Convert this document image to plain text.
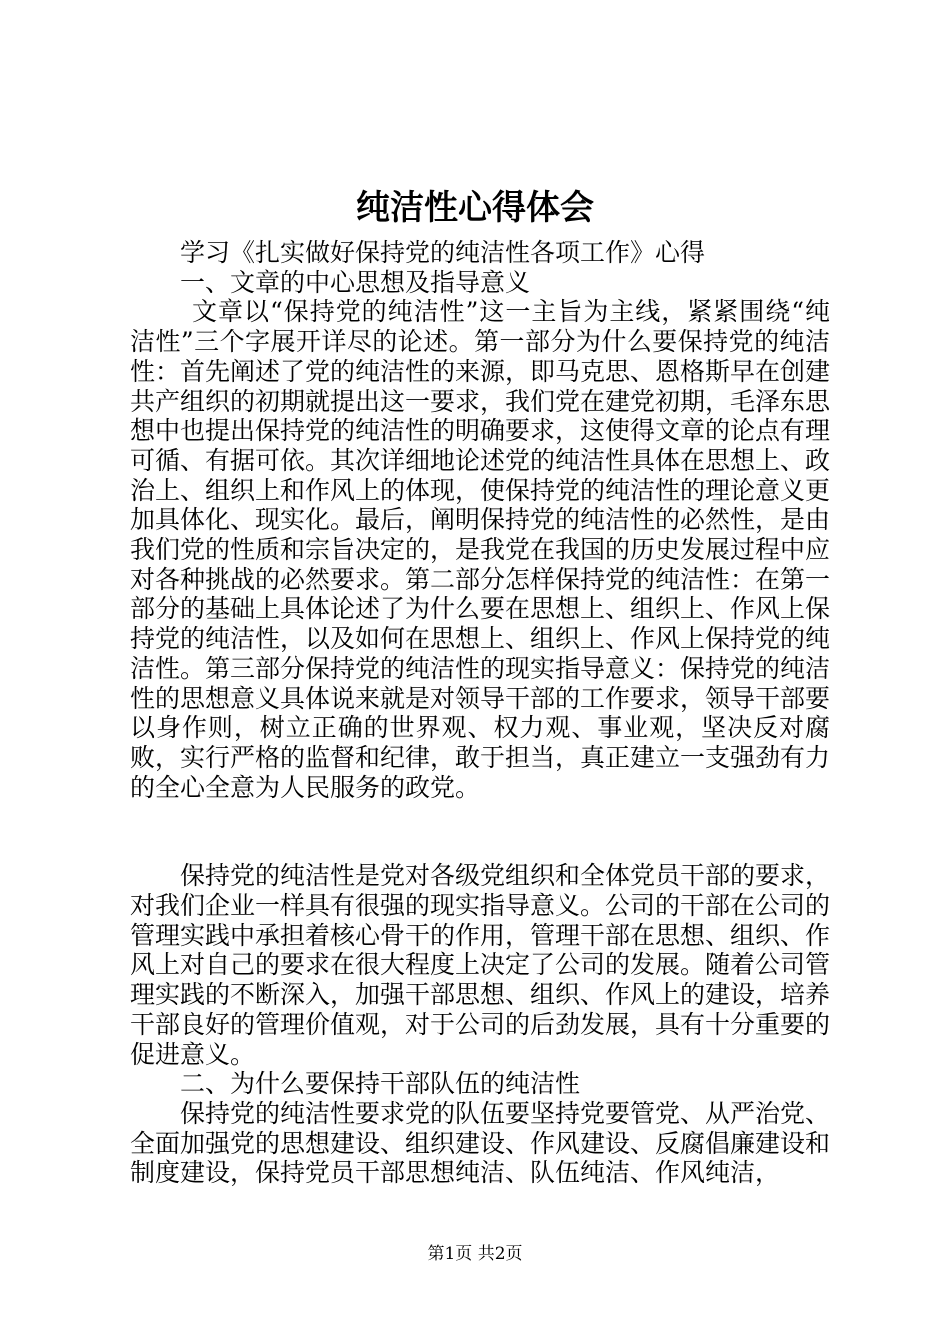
纯洁性心得体会

学习《扎实做好保持党的纯洁性各项工作》心得

一、文章的中心思想及指导意义

文章以“保持党的纯洁性”这一主旨为主线，紧紧围绕“纯洁性”三个字展开详尽的论述。第一部分为什么要保持党的纯洁性：首先阐述了党的纯洁性的来源，即马克思、恩格斯早在创建共产组织的初期就提出这一要求，我们党在建党初期，毛泽东思想中也提出保持党的纯洁性的明确要求，这使得文章的论点有理可循、有据可依。其次详细地论述党的纯洁性具体在思想上、政治上、组织上和作风上的体现，使保持党的纯洁性的理论意义更加具体化、现实化。最后，阐明保持党的纯洁性的必然性，是由我们党的性质和宗旨决定的，是我党在我国的历史发展过程中应对各种挑战的必然要求。第二部分怎样保持党的纯洁性：在第一部分的基础上具体论述了为什么要在思想上、组织上、作风上保持党的纯洁性，以及如何在思想上、组织上、作风上保持党的纯洁性。第三部分保持党的纯洁性的现实指导意义：保持党的纯洁性的思想意义具体说来就是对领导干部的工作要求，领导干部要以身作则，树立正确的世界观、权力观、事业观，坚决反对腐败，实行严格的监督和纪律，敢于担当，真正建立一支强劲有力的全心全意为人民服务的政党。

保持党的纯洁性是党对各级党组织和全体党员干部的要求，对我们企业一样具有很强的现实指导意义。公司的干部在公司的管理实践中承担着核心骨干的作用，管理干部在思想、组织、作风上对自己的要求在很大程度上决定了公司的发展。随着公司管理实践的不断深入，加强干部思想、组织、作风上的建设，培养干部良好的管理价值观，对于公司的后劲发展，具有十分重要的促进意义。

二、为什么要保持干部队伍的纯洁性

保持党的纯洁性要求党的队伍要坚持党要管党、从严治党、全面加强党的思想建设、组织建设、作风建设、反腐倡廉建设和制度建设，保持党员干部思想纯洁、队伍纯洁、作风纯洁，

第1页 共2页
